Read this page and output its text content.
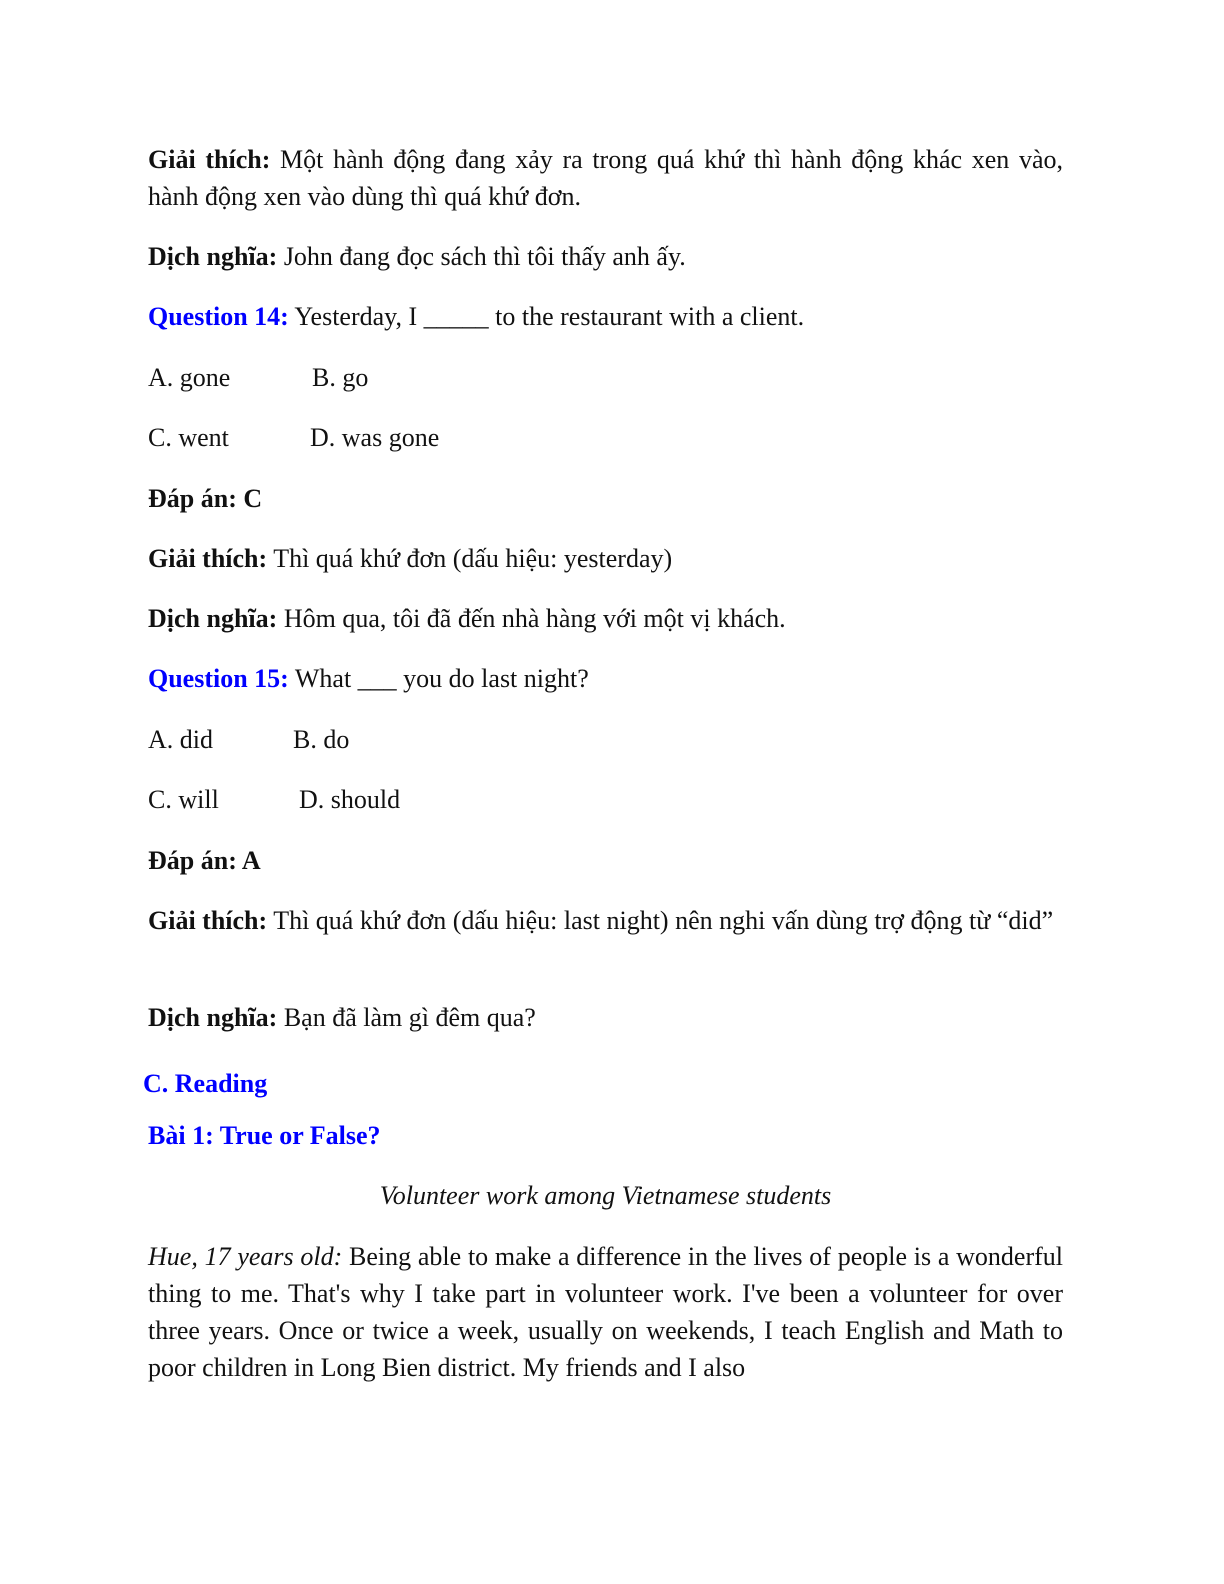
Giải thích: Một hành động đang xảy ra trong quá khứ thì hành động khác xen vào, hành động xen vào dùng thì quá khứ đơn.

Dịch nghĩa: John đang đọc sách thì tôi thấy anh ấy.

Question 14: Yesterday, I _____ to the restaurant with a client.

A. gone	B. go
C. went	D. was gone

Đáp án: C

Giải thích: Thì quá khứ đơn (dấu hiệu: yesterday)

Dịch nghĩa: Hôm qua, tôi đã đến nhà hàng với một vị khách.

Question 15: What ___ you do last night?

A. did	B. do
C. will	D. should

Đáp án: A

Giải thích: Thì quá khứ đơn (dấu hiệu: last night) nên nghi vấn dùng trợ động từ “did”

Dịch nghĩa: Bạn đã làm gì đêm qua?

C. Reading

Bài 1: True or False?

Volunteer work among Vietnamese students

Hue, 17 years old: Being able to make a difference in the lives of people is a wonderful thing to me. That's why I take part in volunteer work. I've been a volunteer for over three years. Once or twice a week, usually on weekends, I teach English and Math to poor children in Long Bien district. My friends and I also
